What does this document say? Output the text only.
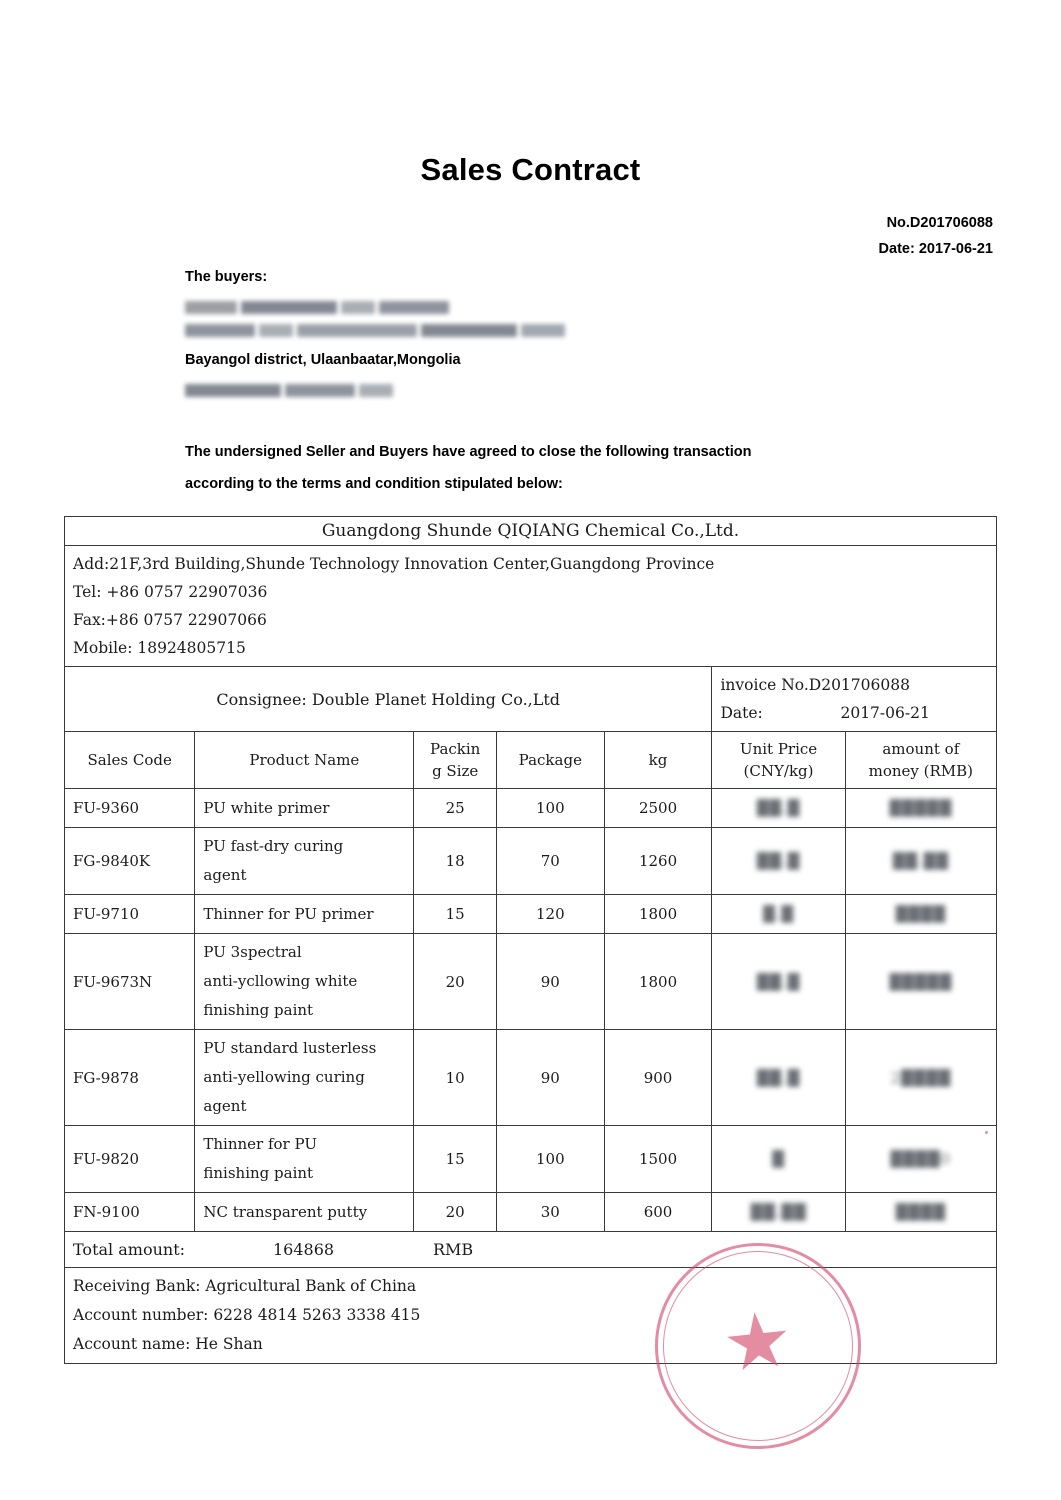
Sales Contract
No.D201706088
Date: 2017-06-21
The buyers:

Bayangol district, Ulaanbaatar,Mongolia

The undersigned Seller and Buyers have agreed to close the following transaction
according to the terms and condition stipulated below:
Guangdong Shunde QIQIANG Chemical Co.,Ltd.						

Add:21F,3rd Building,Shunde Technology Innovation Center,Guangdong Province
Tel: +86 0757 22907036
Fax:+86 0757 22907066
Mobile: 18924805715						

Consignee: Double Planet Holding Co.,Ltd					invoice No.D201706088
Date: 2017-06-21	

Sales Code	Product Name	Packin
g Size	Package	kg	Unit Price
(CNY/kg)	amount of
money (RMB)
FU-9360	PU white primer	25	100	2500	██.█	█████
FG-9840K	PU fast-dry curing
agent	18	70	1260	██.█	██.██
FU-9710	Thinner for PU primer	15	120	1800	█.█	████
FU-9673N	PU 3spectral
anti-ycllowing white
finishing paint	20	90	1800	██.█	█████
FG-9878	PU standard lusterless
anti-yellowing curing
agent	10	90	900	██.█	2████
FU-9820	Thinner for PU
finishing paint	15	100	1500	█	████0
FN-9100	NC transparent putty	20	30	600	██.██	████

Total amount: 164868 RMB						

Receiving Bank: Agricultural Bank of China
Account number: 6228 4814 5263 3338 415
Account name: He Shan						
